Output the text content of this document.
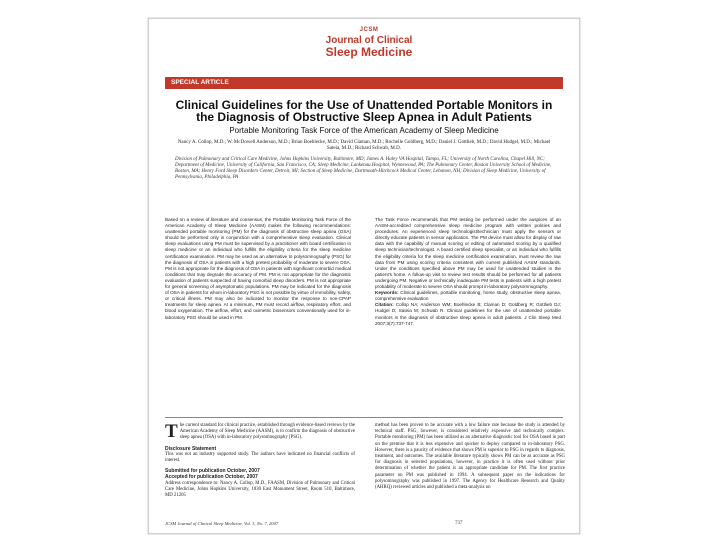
JCSM
Journal of Clinical
Sleep Medicine
SPECIAL ARTICLE
Clinical Guidelines for the Use of Unattended Portable Monitors in the Diagnosis of Obstructive Sleep Apnea in Adult Patients
Portable Monitoring Task Force of the American Academy of Sleep Medicine
Nancy A. Collop, M.D.; W. McDowell Anderson, M.D.; Brian Boehlecke, M.D.; David Claman, M.D.; Rochelle Goldberg, M.D.; Daniel J. Gottlieb, M.D.; David Hudgel, M.D.; Michael Sateia, M.D.; Richard Schwab, M.D.
Division of Pulmonary and Critical Care Medicine, Johns Hopkins University, Baltimore, MD; James A. Haley VA Hospital, Tampa, FL; University of North Carolina, Chapel Hill, NC; Department of Medicine, University of California, San Francisco, CA; Sleep Medicine, Lankenau Hospital, Wynnewood, PA; The Pulmonary Center, Boston University School of Medicine, Boston, MA; Henry Ford Sleep Disorders Center, Detroit, MI; Section of Sleep Medicine, Dartmouth-Hitchcock Medical Center, Lebanon, NH; Division of Sleep Medicine, University of Pennsylvania, Philadelphia, PA
Based on a review of literature and consensus, the Portable Monitoring Task Force of the American Academy of Sleep Medicine (AASM) makes the following recommendations: unattended portable monitoring (PM) for the diagnosis of obstructive sleep apnea (OSA) should be performed only in conjunction with a comprehensive sleep evaluation. Clinical sleep evaluations using PM must be supervised by a practitioner with board certification in sleep medicine or an individual who fulfills the eligibility criteria for the sleep medicine certification examination. PM may be used as an alternative to polysomnography (PSG) for the diagnosis of OSA in patients with a high pretest probability of moderate to severe OSA. PM is not appropriate for the diagnosis of OSA in patients with significant comorbid medical conditions that may degrade the accuracy of PM. PM is not appropriate for the diagnostic evaluation of patients suspected of having comorbid sleep disorders. PM is not appropriate for general screening of asymptomatic populations. PM may be indicated for the diagnosis of OSA in patients for whom in-laboratory PSG is not possible by virtue of immobility, safety, or critical illness. PM may also be indicated to monitor the response to non-CPAP treatments for sleep apnea. At a minimum, PM must record airflow, respiratory effort, and blood oxygenation. The airflow, effort, and oximetric biosensors conventionally used for in-laboratory PSG should be used in PM.
The Task Force recommends that PM testing be performed under the auspices of an AASM-accredited comprehensive sleep medicine program with written policies and procedures. An experienced sleep technologist/technician must apply the sensors or directly educate patients in sensor application. The PM device must allow for display of raw data with the capability of manual scoring or editing of automated scoring by a qualified sleep technician/technologist. A board certified sleep specialist, or an individual who fulfills the eligibility criteria for the sleep medicine certification examination, must review the raw data from PM using scoring criteria consistent with current published AASM standards. Under the conditions specified above PM may be used for unattended studies in the patient's home. A follow-up visit to review test results should be performed for all patients undergoing PM. Negative or technically inadequate PM tests in patients with a high pretest probability of moderate to severe OSA should prompt in-laboratory polysomnography.
Keywords: Clinical guidelines, portable monitoring, home study, obstructive sleep apnea, comprehensive evaluation
Citation: Collop NA; Anderson WM; Boehlecke B; Claman D; Goldberg R; Gottlieb DJ; Hudgel D; Sateia M; Schwab R. Clinical guidelines for the use of unattended portable monitors in the diagnosis of obstructive sleep apnea in adult patients. J Clin Sleep Med 2007;3(7):737-747.
T he current standard for clinical practice, established through evidence-based reviews by the American Academy of Sleep Medicine (AASM), is to confirm the diagnosis of obstructive sleep apnea (OSA) with in-laboratory polysomnography (PSG).
Disclosure Statement
This was not an industry supported study. The authors have indicated no financial conflicts of interest.
Submitted for publication October, 2007
Accepted for publication October, 2007
Address correspondence to: Nancy A. Collop, M.D., FAASM, Division of Pulmonary and Critical Care Medicine, Johns Hopkins University, 1830 East Monument Street, Room 510, Baltimore, MD 21205
method has been proven to be accurate with a low failure rate because the study is attended by technical staff. PSG, however, is considered relatively expensive and technically complex. Portable monitoring (PM) has been utilized as an alternative diagnostic tool for OSA based in part on the premise that it is less expensive and quicker to deploy compared to in-laboratory PSG. However, there is a paucity of evidence that shows PM is superior to PSG in regards to diagnosis, treatment, and outcomes. The available literature typically shows PM can be as accurate as PSG for diagnosis in selected populations, however, in practice it is often used without prior determination of whether the patient is an appropriate candidate for PM. The first practice parameter on PM was published in 1994. A subsequent paper on the indications for polysomnography was published in 1997. The Agency for Healthcare Research and Quality (AHRQ) reviewed articles and published a meta-analysis on
JCSM Journal of Clinical Sleep Medicine, Vol. 3, No. 7, 2007	737
